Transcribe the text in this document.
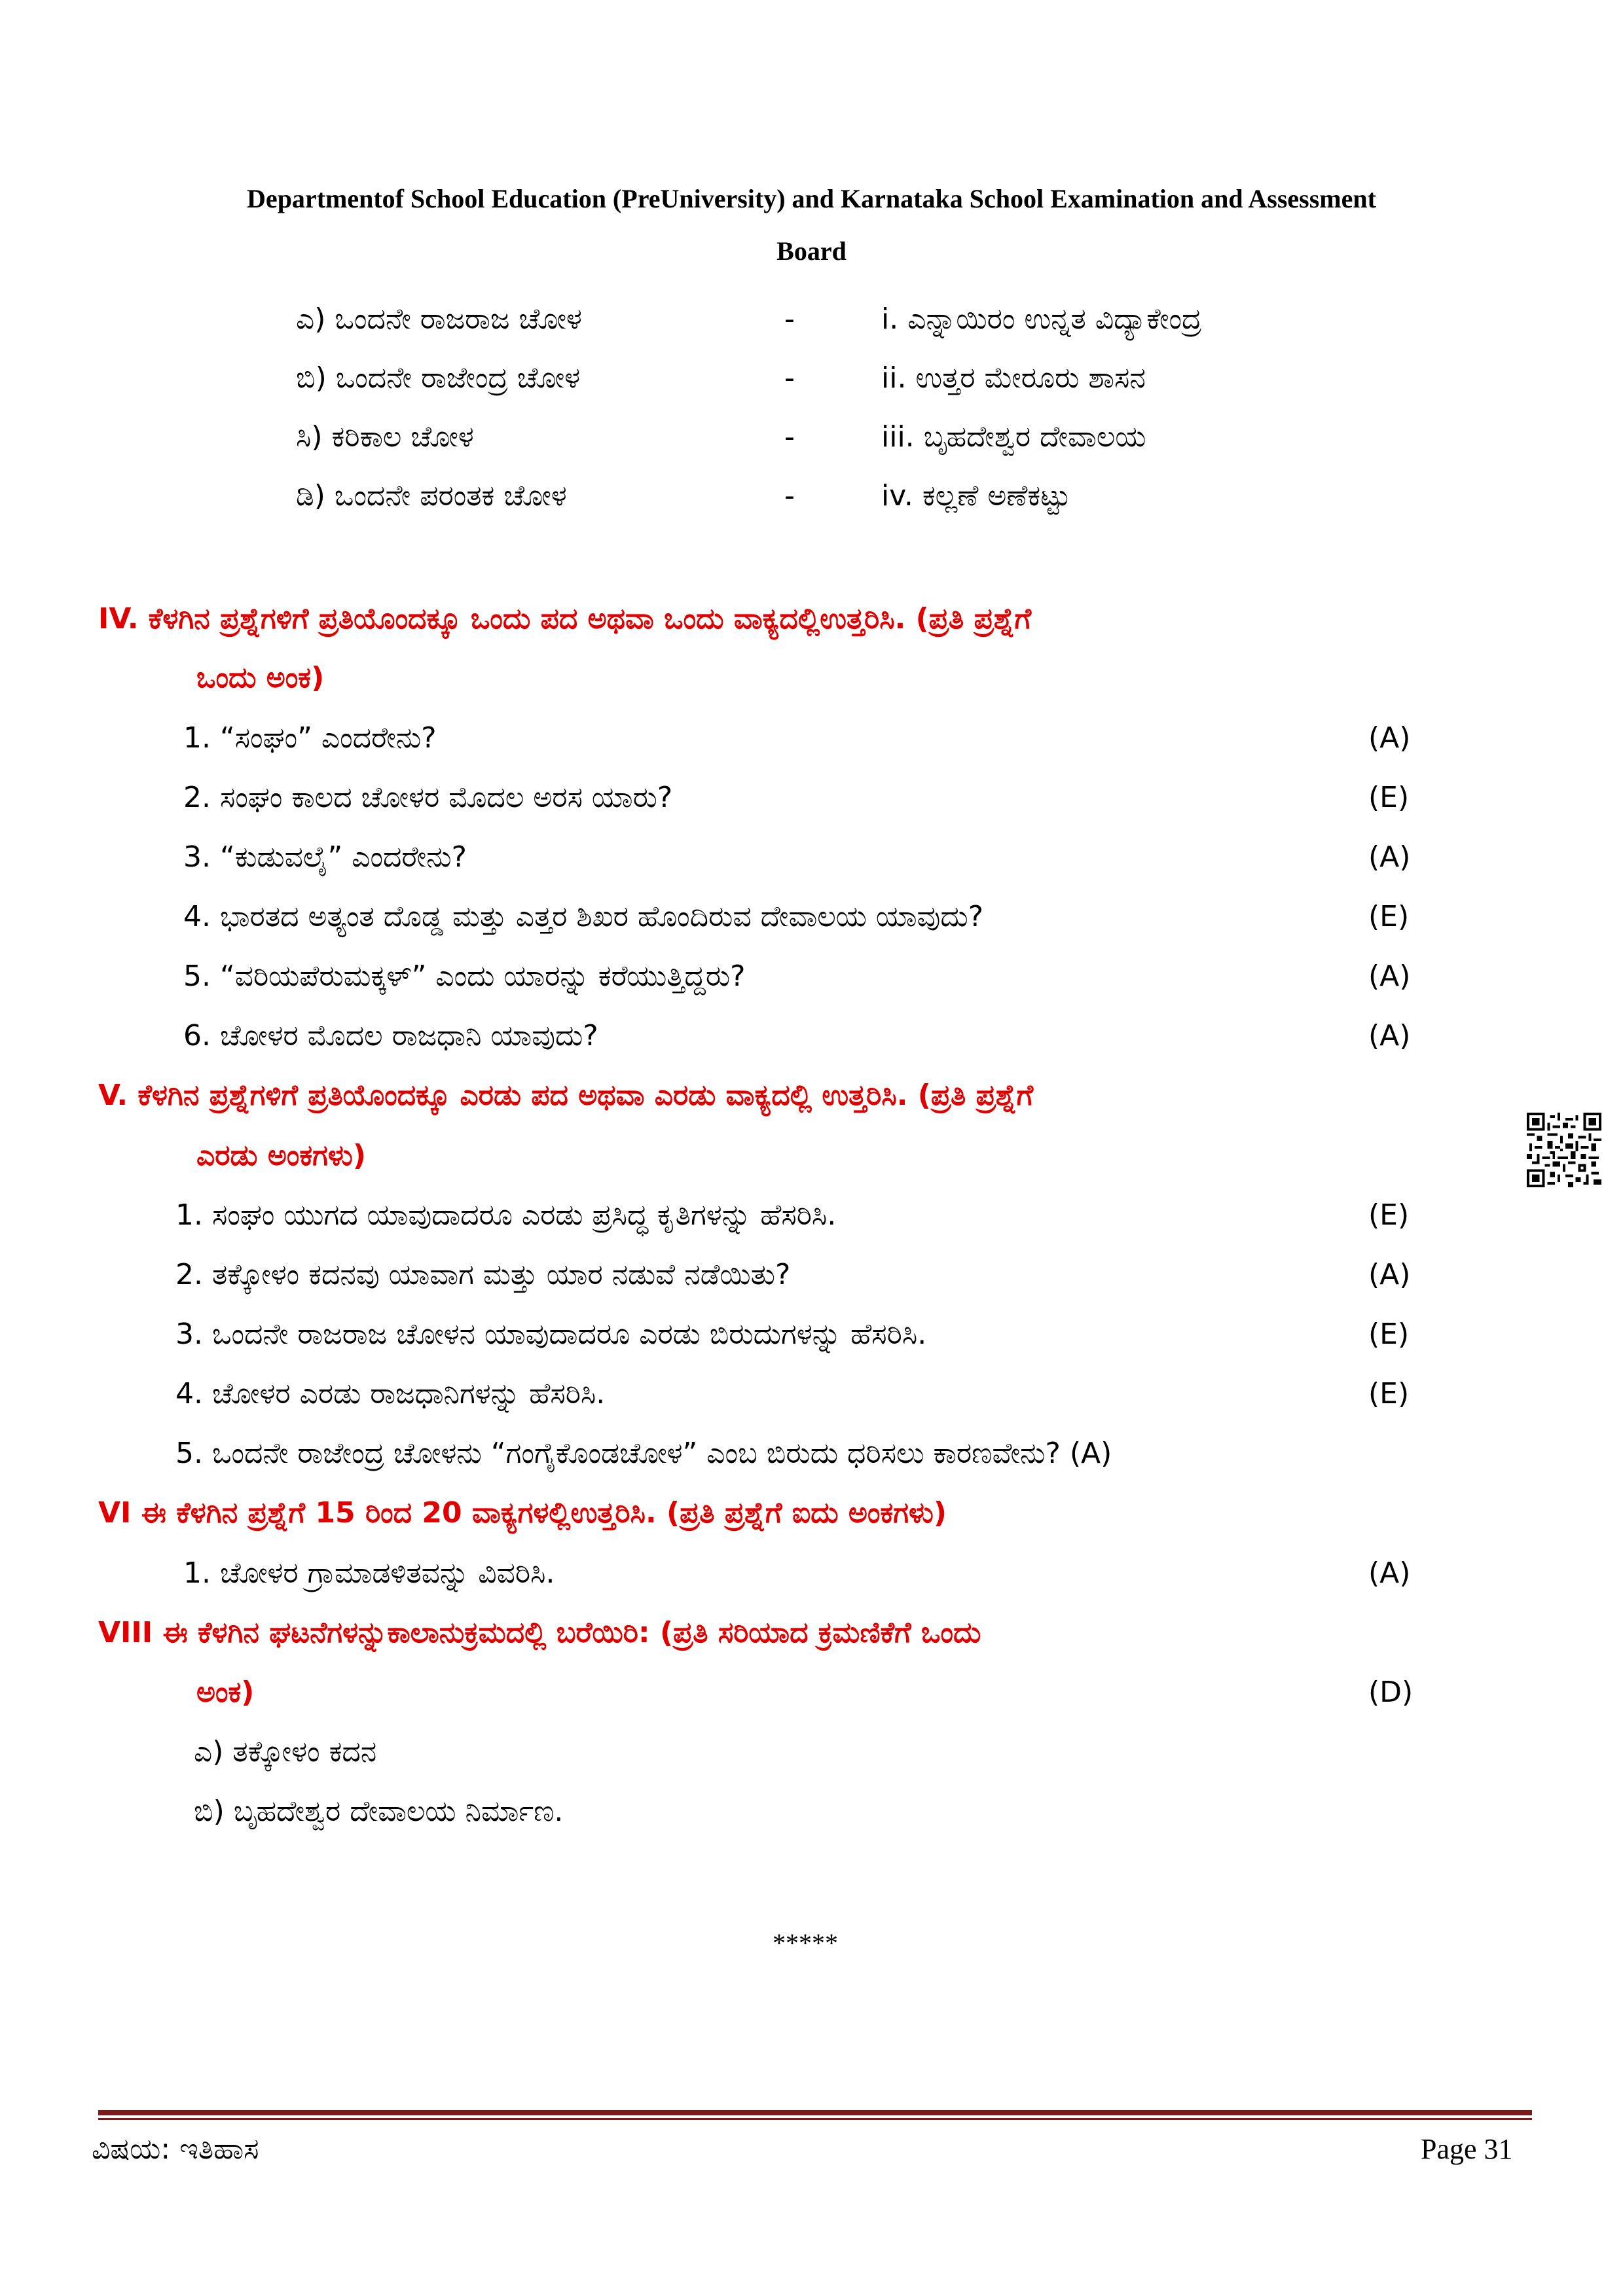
Departmentof School Education (PreUniversity) and Karnataka School Examination and Assessment
Board
ಎ) ಒಂದನೇ ರಾಜರಾಜ ಚೋಳ	-	i. ಎನ್ನಾಯಿರಂ ಉನ್ನತ ವಿದ್ಯಾಕೇಂದ್ರ
ಬಿ) ಒಂದನೇ ರಾಜೇಂದ್ರ ಚೋಳ	-	ii. ಉತ್ತರ ಮೇರೂರು ಶಾಸನ
ಸಿ) ಕರಿಕಾಲ ಚೋಳ	-	iii. ಬೃಹದೇಶ್ವರ ದೇವಾಲಯ
ಡಿ) ಒಂದನೇ ಪರಂತಕ ಚೋಳ	-	iv. ಕಲ್ಲಣೆ ಅಣೆಕಟ್ಟು
IV. ಕೆಳಗಿನ ಪ್ರಶ್ನೆಗಳಿಗೆ ಪ್ರತಿಯೊಂದಕ್ಕೂ ಒಂದು ಪದ ಅಥವಾ ಒಂದು ವಾಕ್ಯದಲ್ಲಿಉತ್ತರಿಸಿ. (ಪ್ರತಿ ಪ್ರಶ್ನೆಗೆ
ಒಂದು ಅಂಕ)
1. “ಸಂಘಂ” ಎಂದರೇನು?	(A)
2. ಸಂಘಂ ಕಾಲದ ಚೋಳರ ಮೊದಲ ಅರಸ ಯಾರು?	(E)
3. “ಕುಡುವಲೈ” ಎಂದರೇನು?	(A)
4. ಭಾರತದ ಅತ್ಯಂತ ದೊಡ್ಡ ಮತ್ತು ಎತ್ತರ ಶಿಖರ ಹೊಂದಿರುವ ದೇವಾಲಯ ಯಾವುದು?	(E)
5. “ವರಿಯಪೆರುಮಕ್ಕಳ್” ಎಂದು ಯಾರನ್ನು ಕರೆಯುತ್ತಿದ್ದರು?	(A)
6. ಚೋಳರ ಮೊದಲ ರಾಜಧಾನಿ ಯಾವುದು?	(A)
V. ಕೆಳಗಿನ ಪ್ರಶ್ನೆಗಳಿಗೆ ಪ್ರತಿಯೊಂದಕ್ಕೂ ಎರಡು ಪದ ಅಥವಾ ಎರಡು ವಾಕ್ಯದಲ್ಲಿ ಉತ್ತರಿಸಿ. (ಪ್ರತಿ ಪ್ರಶ್ನೆಗೆ
ಎರಡು ಅಂಕಗಳು)
1. ಸಂಘಂ ಯುಗದ ಯಾವುದಾದರೂ ಎರಡು ಪ್ರಸಿದ್ಧ ಕೃತಿಗಳನ್ನು ಹೆಸರಿಸಿ.	(E)
2. ತಕ್ಕೋಳಂ ಕದನವು ಯಾವಾಗ ಮತ್ತು ಯಾರ ನಡುವೆ ನಡೆಯಿತು?	(A)
3. ಒಂದನೇ ರಾಜರಾಜ ಚೋಳನ ಯಾವುದಾದರೂ ಎರಡು ಬಿರುದುಗಳನ್ನು ಹೆಸರಿಸಿ.	(E)
4. ಚೋಳರ ಎರಡು ರಾಜಧಾನಿಗಳನ್ನು ಹೆಸರಿಸಿ.	(E)
5. ಒಂದನೇ ರಾಜೇಂದ್ರ ಚೋಳನು “ಗಂಗೈಕೊಂಡಚೋಳ” ಎಂಬ ಬಿರುದು ಧರಿಸಲು ಕಾರಣವೇನು? (A)
VI ಈ ಕೆಳಗಿನ ಪ್ರಶ್ನೆಗೆ 15 ರಿಂದ 20 ವಾಕ್ಯಗಳಲ್ಲಿಉತ್ತರಿಸಿ. (ಪ್ರತಿ ಪ್ರಶ್ನೆಗೆ ಐದು ಅಂಕಗಳು)
1. ಚೋಳರ ಗ್ರಾಮಾಡಳಿತವನ್ನು ವಿವರಿಸಿ.	(A)
VIII ಈ ಕೆಳಗಿನ ಘಟನೆಗಳನ್ನುಕಾಲಾನುಕ್ರಮದಲ್ಲಿ ಬರೆಯಿರಿ: (ಪ್ರತಿ ಸರಿಯಾದ ಕ್ರಮಣಿಕೆಗೆ ಒಂದು
ಅಂಕ)	(D)
ಎ) ತಕ್ಕೋಳಂ ಕದನ
ಬಿ) ಬೃಹದೇಶ್ವರ ದೇವಾಲಯ ನಿರ್ಮಾಣ.
*****
ವಿಷಯ: ಇತಿಹಾಸ	Page 31
